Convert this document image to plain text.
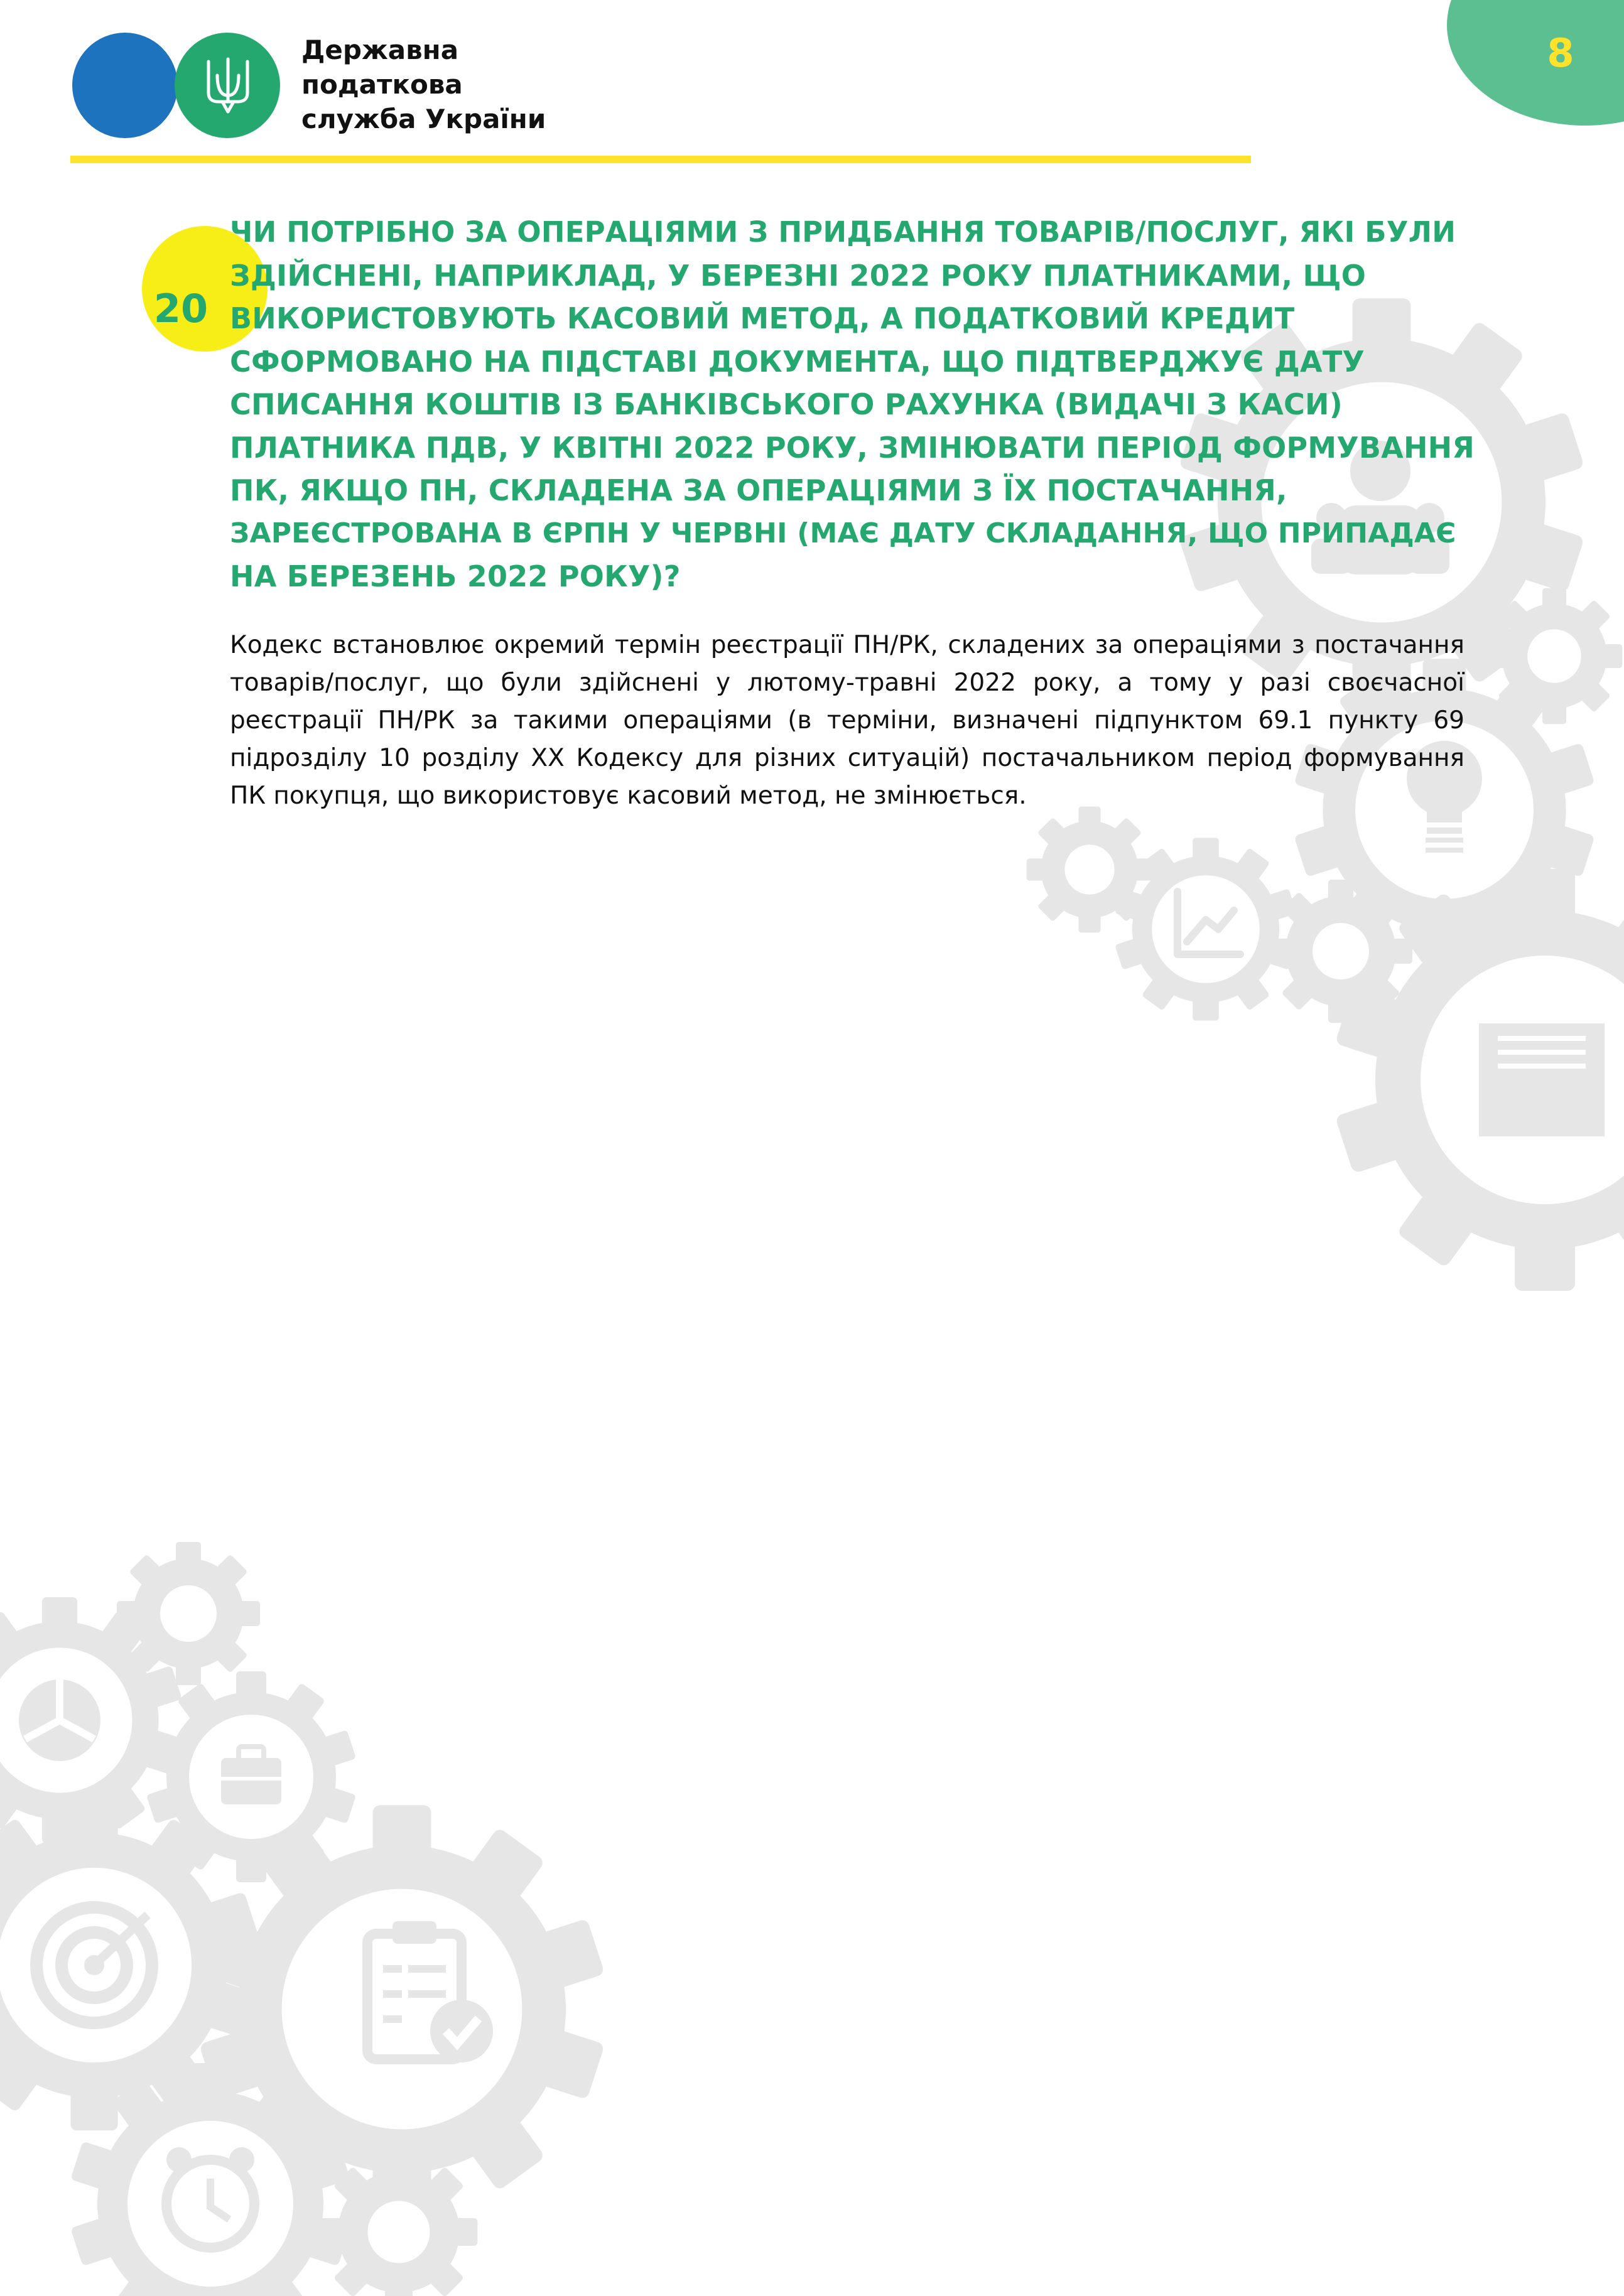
Державна
податкова
служба України
8
20
ЧИ ПОТРІБНО ЗА ОПЕРАЦІЯМИ З ПРИДБАННЯ ТОВАРІВ/ПОСЛУГ, ЯКІ БУЛИ
ЗДІЙСНЕНІ, НАПРИКЛАД, У БЕРЕЗНІ 2022 РОКУ ПЛАТНИКАМИ, ЩО
ВИКОРИСТОВУЮТЬ КАСОВИЙ МЕТОД, А ПОДАТКОВИЙ КРЕДИТ
СФОРМОВАНО НА ПІДСТАВІ ДОКУМЕНТА, ЩО ПІДТВЕРДЖУЄ ДАТУ
СПИСАННЯ КОШТІВ ІЗ БАНКІВСЬКОГО РАХУНКА (ВИДАЧІ З КАСИ)
ПЛАТНИКА ПДВ, У КВІТНІ 2022 РОКУ, ЗМІНЮВАТИ ПЕРІОД ФОРМУВАННЯ
ПК, ЯКЩО ПН, СКЛАДЕНА ЗА ОПЕРАЦІЯМИ З ЇХ ПОСТАЧАННЯ,
ЗАРЕЄСТРОВАНА В ЄРПН У ЧЕРВНІ (МАЄ ДАТУ СКЛАДАННЯ, ЩО ПРИПАДАЄ
НА БЕРЕЗЕНЬ 2022 РОКУ)?

Кодекс встановлює окремий термін реєстрації ПН/РК, складених за операціями з постачання товарів/послуг, що були здійснені у лютому-травні 2022 року, а тому у разі своєчасної реєстрації ПН/РК за такими операціями (в терміни, визначені підпунктом 69.1 пункту 69 підрозділу 10 розділу XX Кодексу для різних ситуацій) постачальником період формування ПК покупця, що використовує касовий метод, не змінюється.
